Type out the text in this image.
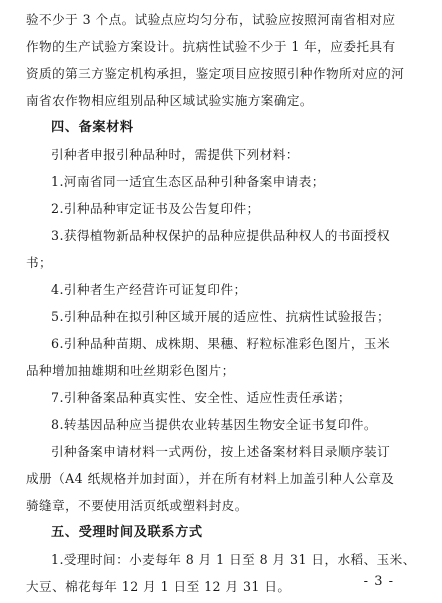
验不少于 3 个点。试验点应均匀分布，试验应按照河南省相对应
作物的生产试验方案设计。抗病性试验不少于 1 年，应委托具有
资质的第三方鉴定机构承担，鉴定项目应按照引种作物所对应的河
南省农作物相应组别品种区域试验实施方案确定。
四、备案材料
引种者申报引种品种时，需提供下列材料：
1.河南省同一适宜生态区品种引种备案申请表；
2.引种品种审定证书及公告复印件；
3.获得植物新品种权保护的品种应提供品种权人的书面授权
书；
4.引种者生产经营许可证复印件；
5.引种品种在拟引种区域开展的适应性、抗病性试验报告；
6.引种品种苗期、成株期、果穗、籽粒标准彩色图片，玉米
品种增加抽雄期和吐丝期彩色图片；
7.引种备案品种真实性、安全性、适应性责任承诺；
8.转基因品种应当提供农业转基因生物安全证书复印件。
引种备案申请材料一式两份，按上述备案材料目录顺序装订
成册（A4 纸规格并加封面），并在所有材料上加盖引种人公章及
骑缝章，不要使用活页纸或塑料封皮。
五、受理时间及联系方式
1.受理时间：小麦每年 8 月 1 日至 8 月 31 日，水稻、玉米、
大豆、棉花每年 12 月 1 日至 12 月 31 日。	- 3 -
